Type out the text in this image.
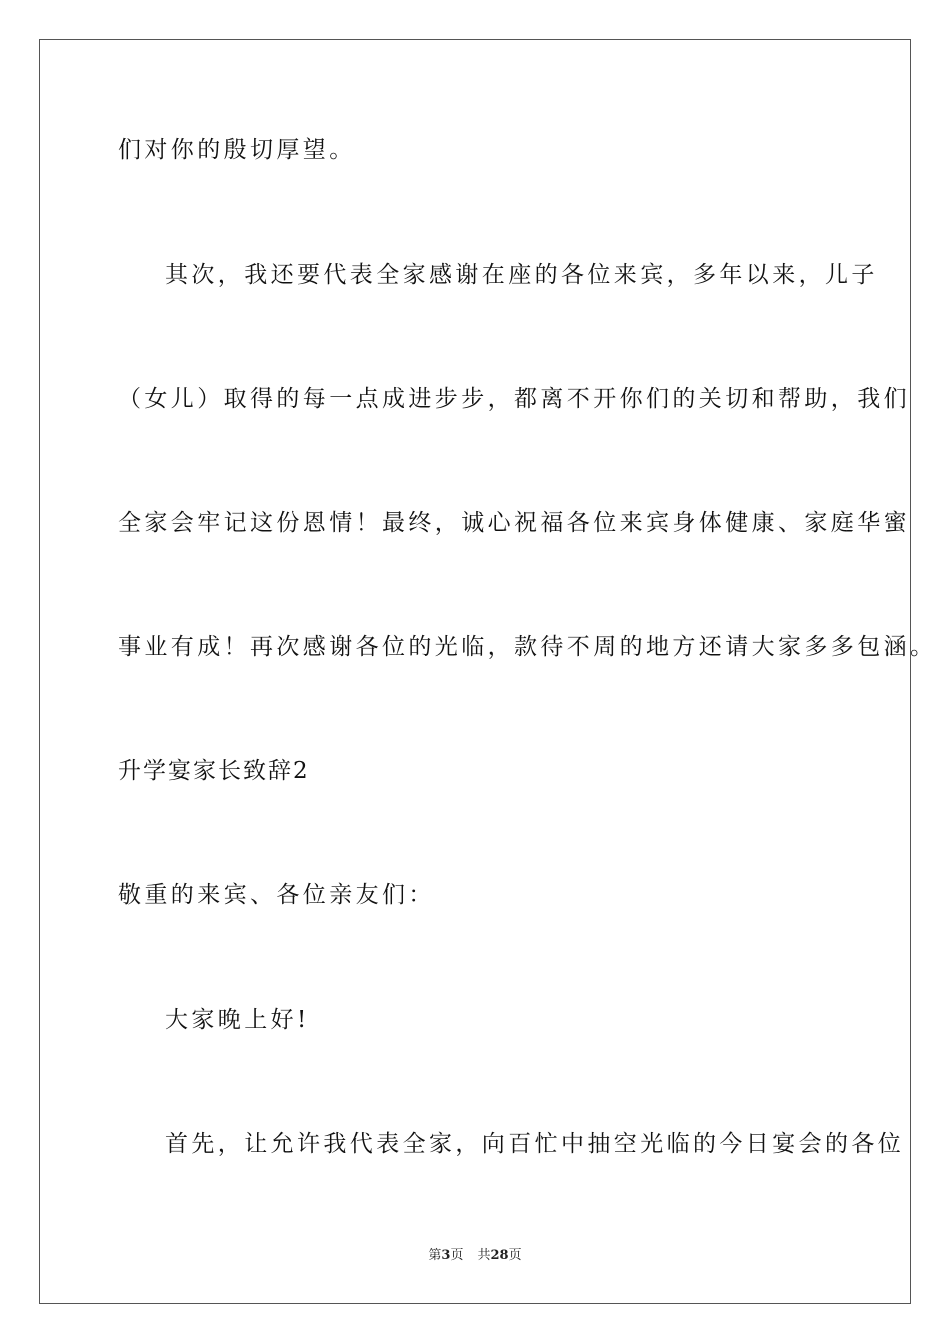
们对你的殷切厚望。
其次，我还要代表全家感谢在座的各位来宾，多年以来，儿子
（女儿）取得的每一点成进步步，都离不开你们的关切和帮助，我们
全家会牢记这份恩情！最终，诚心祝福各位来宾身体健康、家庭华蜜
事业有成！再次感谢各位的光临，款待不周的地方还请大家多多包涵。
升学宴家长致辞2
敬重的来宾、各位亲友们：
大家晚上好!
首先，让允许我代表全家，向百忙中抽空光临的今日宴会的各位
第3页 共28页
